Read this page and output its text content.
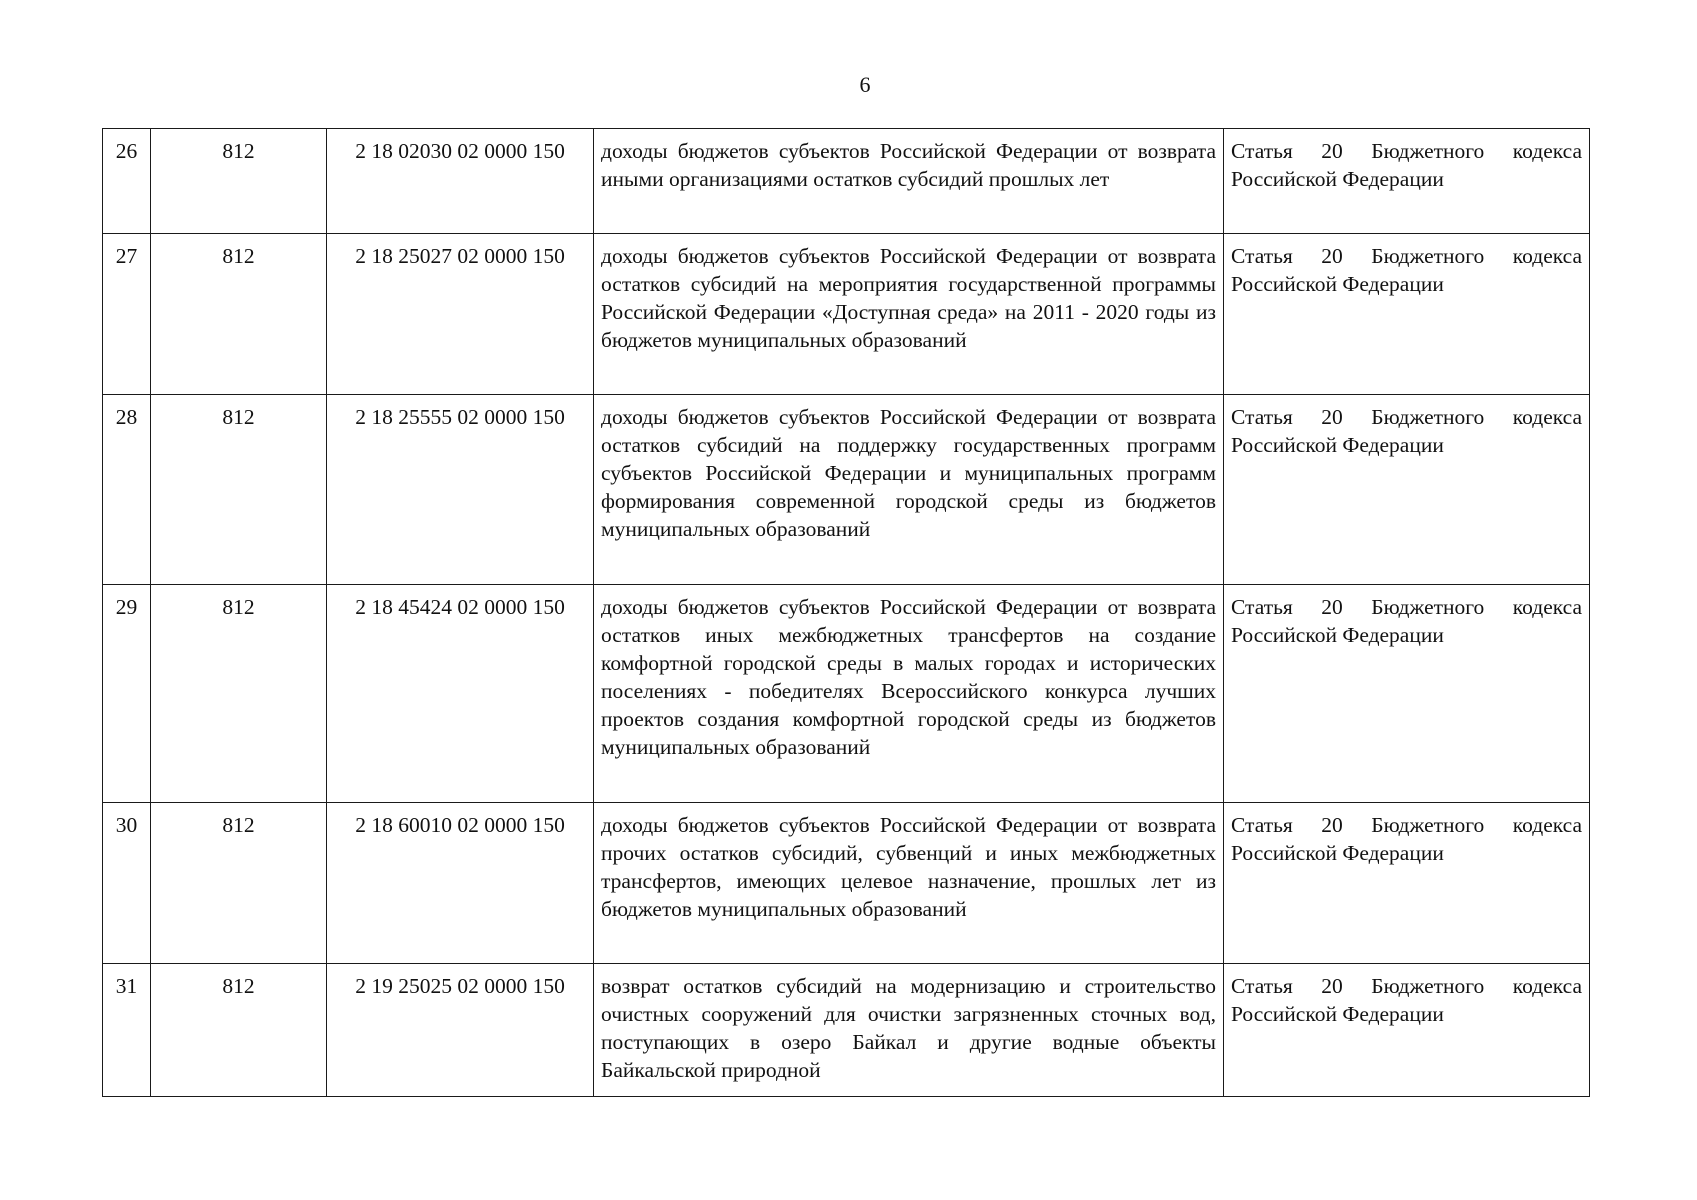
6
26	812	2 18 02030 02 0000 150	доходы бюджетов субъектов Российской Федерации от возврата иными организациями остатков субсидий прошлых лет	Статья 20 Бюджетного кодекса Российской Федерации
27	812	2 18 25027 02 0000 150	доходы бюджетов субъектов Российской Федерации от возврата остатков субсидий на мероприятия государственной программы Российской Федерации «Доступная среда» на 2011 - 2020 годы из бюджетов муниципальных образований	Статья 20 Бюджетного кодекса Российской Федерации
28	812	2 18 25555 02 0000 150	доходы бюджетов субъектов Российской Федерации от возврата остатков субсидий на поддержку государственных программ субъектов Российской Федерации и муниципальных программ формирования современной городской среды из бюджетов муниципальных образований	Статья 20 Бюджетного кодекса Российской Федерации
29	812	2 18 45424 02 0000 150	доходы бюджетов субъектов Российской Федерации от возврата остатков иных межбюджетных трансфертов на создание комфортной городской среды в малых городах и исторических поселениях - победителях Всероссийского конкурса лучших проектов создания комфортной городской среды из бюджетов муниципальных образований	Статья 20 Бюджетного кодекса Российской Федерации
30	812	2 18 60010 02 0000 150	доходы бюджетов субъектов Российской Федерации от возврата прочих остатков субсидий, субвенций и иных межбюджетных трансфертов, имеющих целевое назначение, прошлых лет из бюджетов муниципальных образований	Статья 20 Бюджетного кодекса Российской Федерации
31	812	2 19 25025 02 0000 150	возврат остатков субсидий на модернизацию и строительство очистных сооружений для очистки загрязненных сточных вод, поступающих в озеро Байкал и другие водные объекты Байкальской природной	Статья 20 Бюджетного кодекса Российской Федерации
